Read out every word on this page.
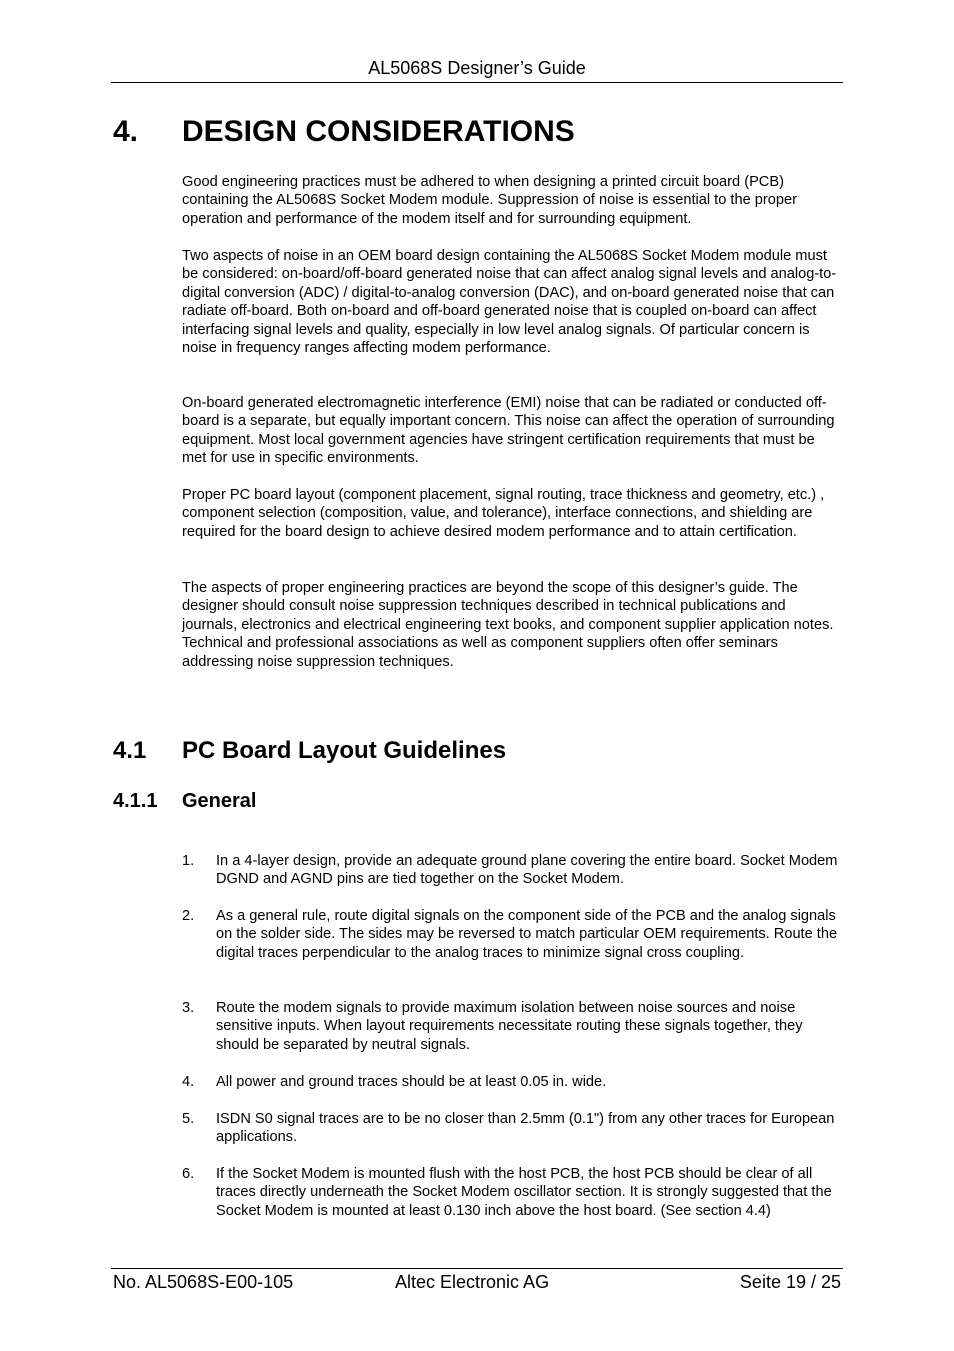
AL5068S Designer’s Guide
4. DESIGN CONSIDERATIONS

Good engineering practices must be adhered to when designing a printed circuit board (PCB) containing the AL5068S Socket Modem module. Suppression of noise is essential to the proper operation and performance of the modem itself and for surrounding equipment.

Two aspects of noise in an OEM board design containing the AL5068S Socket Modem module must be considered: on-board/off-board generated noise that can affect analog signal levels and analog-to-digital conversion (ADC) / digital-to-analog conversion (DAC), and on-board generated noise that can radiate off-board. Both on-board and off-board generated noise that is coupled on-board can affect interfacing signal levels and quality, especially in low level analog signals. Of particular concern is noise in frequency ranges affecting modem performance.

On-board generated electromagnetic interference (EMI) noise that can be radiated or conducted off-board is a separate, but equally important concern. This noise can affect the operation of surrounding equipment. Most local government agencies have stringent certification requirements that must be met for use in specific environments.

Proper PC board layout (component placement, signal routing, trace thickness and geometry, etc.) , component selection (composition, value, and tolerance), interface connections, and shielding are required for the board design to achieve desired modem performance and to attain certification.

The aspects of proper engineering practices are beyond the scope of this designer’s guide. The designer should consult noise suppression techniques described in technical publications and journals, electronics and electrical engineering text books, and component supplier application notes. Technical and professional associations as well as component suppliers often offer seminars addressing noise suppression techniques.

4.1 PC Board Layout Guidelines
4.1.1 General
1. In a 4-layer design, provide an adequate ground plane covering the entire board. Socket Modem DGND and AGND pins are tied together on the Socket Modem.
2. As a general rule, route digital signals on the component side of the PCB and the analog signals on the solder side. The sides may be reversed to match particular OEM requirements. Route the digital traces perpendicular to the analog traces to minimize signal cross coupling.
3. Route the modem signals to provide maximum isolation between noise sources and noise sensitive inputs. When layout requirements necessitate routing these signals together, they should be separated by neutral signals.
4. All power and ground traces should be at least 0.05 in. wide.
5. ISDN S0 signal traces are to be no closer than 2.5mm (0.1") from any other traces for European applications.
6. If the Socket Modem is mounted flush with the host PCB, the host PCB should be clear of all traces directly underneath the Socket Modem oscillator section. It is strongly suggested that the Socket Modem is mounted at least 0.130 inch above the host board. (See section 4.4)
No. AL5068S-E00-105	Altec Electronic AG	Seite 19 / 25
